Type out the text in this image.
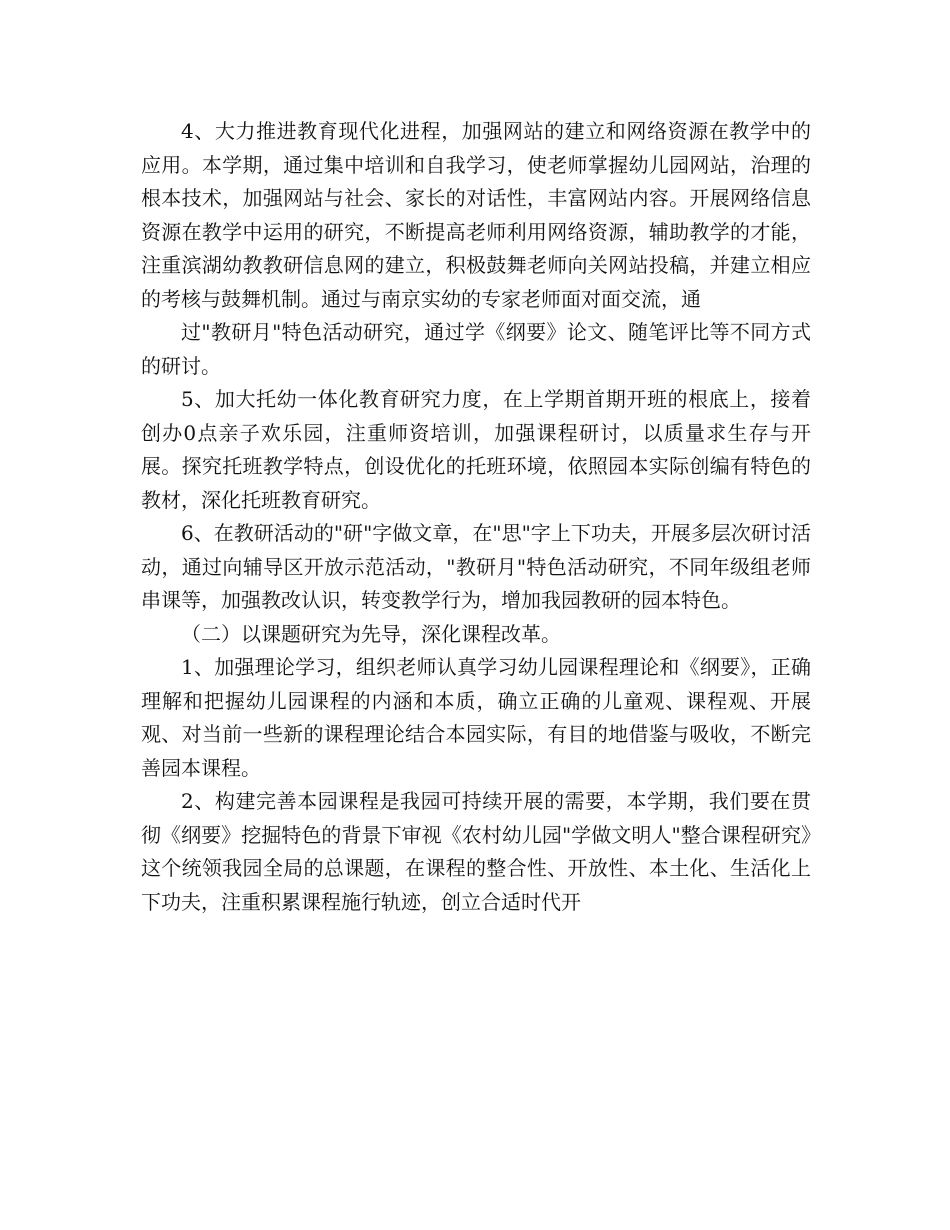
4、大力推进教育现代化进程，加强网站的建立和网络资源在教学中的应用。本学期，通过集中培训和自我学习，使老师掌握幼儿园网站，治理的根本技术，加强网站与社会、家长的对话性，丰富网站内容。开展网络信息资源在教学中运用的研究，不断提高老师利用网络资源，辅助教学的才能，注重滨湖幼教教研信息网的建立，积极鼓舞老师向关网站投稿，并建立相应的考核与鼓舞机制。通过与南京实幼的专家老师面对面交流，通

过"教研月"特色活动研究，通过学《纲要》论文、随笔评比等不同方式的研讨。

5、加大托幼一体化教育研究力度，在上学期首期开班的根底上，接着创办0点亲子欢乐园，注重师资培训，加强课程研讨，以质量求生存与开展。探究托班教学特点，创设优化的托班环境，依照园本实际创编有特色的教材，深化托班教育研究。

6、在教研活动的"研"字做文章，在"思"字上下功夫，开展多层次研讨活动，通过向辅导区开放示范活动，"教研月"特色活动研究，不同年级组老师串课等，加强教改认识，转变教学行为，增加我园教研的园本特色。

（二）以课题研究为先导，深化课程改革。

1、加强理论学习，组织老师认真学习幼儿园课程理论和《纲要》，正确理解和把握幼儿园课程的内涵和本质，确立正确的儿童观、课程观、开展观、对当前一些新的课程理论结合本园实际，有目的地借鉴与吸收，不断完善园本课程。

2、构建完善本园课程是我园可持续开展的需要，本学期，我们要在贯彻《纲要》挖掘特色的背景下审视《农村幼儿园"学做文明人"整合课程研究》这个统领我园全局的总课题，在课程的整合性、开放性、本土化、生活化上下功夫，注重积累课程施行轨迹，创立合适时代开
